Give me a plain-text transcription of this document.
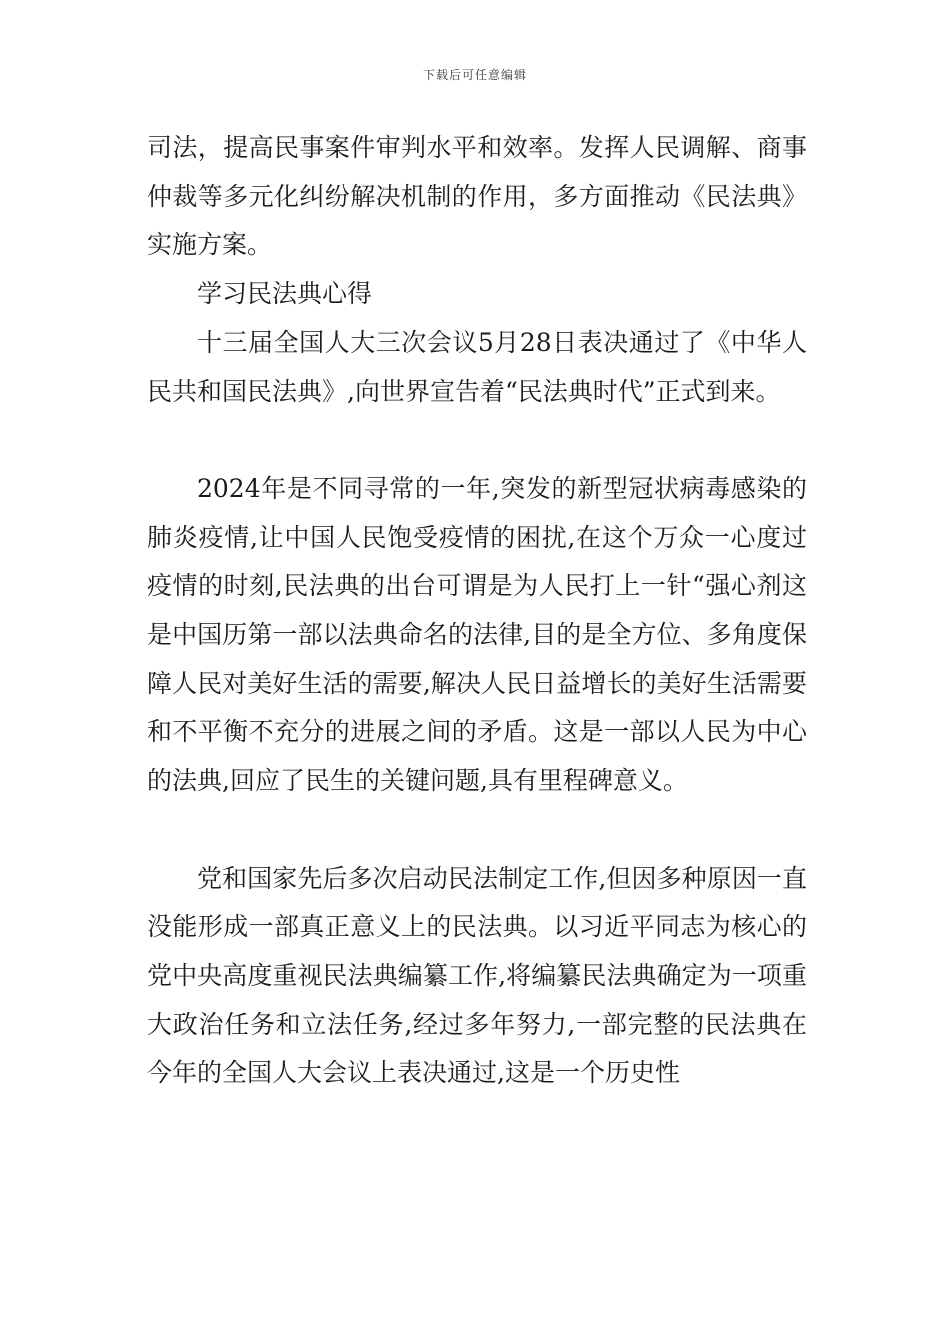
下载后可任意编辑

司法，提高民事案件审判水平和效率。发挥人民调解、商事仲裁等多元化纠纷解决机制的作用，多方面推动《民法典》实施方案。

学习民法典心得

十三届全国人大三次会议5月28日表决通过了《中华人民共和国民法典》,向世界宣告着“民法典时代”正式到来。

2024年是不同寻常的一年,突发的新型冠状病毒感染的肺炎疫情,让中国人民饱受疫情的困扰,在这个万众一心度过疫情的时刻,民法典的出台可谓是为人民打上一针“强心剂这是中国历第一部以法典命名的法律,目的是全方位、多角度保障人民对美好生活的需要,解决人民日益增长的美好生活需要和不平衡不充分的进展之间的矛盾。这是一部以人民为中心的法典,回应了民生的关键问题,具有里程碑意义。

党和国家先后多次启动民法制定工作,但因多种原因一直没能形成一部真正意义上的民法典。以习近平同志为核心的党中央高度重视民法典编纂工作,将编纂民法典确定为一项重大政治任务和立法任务,经过多年努力,一部完整的民法典在今年的全国人大会议上表决通过,这是一个历史性
